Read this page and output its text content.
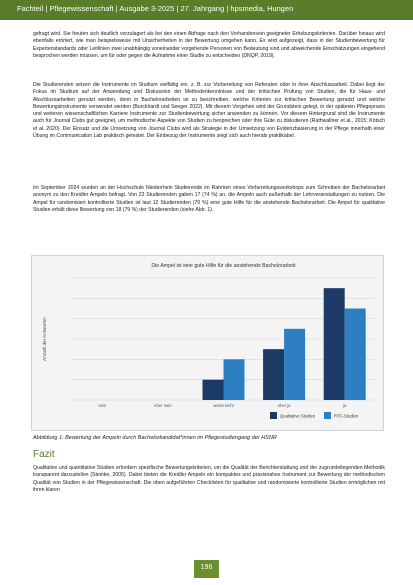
Fachteil | Pflegewissenschaft | Ausgabe 3-2025 | 27. Jahrgang | hpsmedia, Hungen

gefragt wird. Sie freuten sich deutlich vorzulagert als bei den einen Abfrage nach den Vorhandensein geeigneter Erhebungskriterien. Darüber hinaus wird ebenfalls erörtert, wie man beispielsweise mit Unsicherheiten in der Bewertung umgehen kann. Es wird aufgezeigt, dass in der Studienbewertung für Expertenstandards oder Leitlinien zwei unabhängig voneinander vorgehende Personen von Bedeutung sind und abweichende Einschätzungen eingehend besprochen werden müssen, um für oder gegen die Aufnahme einer Studie zu entscheiden (DNQP, 2019).

Die Studierenden setzen die Instrumente im Studium vielfältig ein, z. B. zur Vorbereitung von Referaten oder in ihrer Abschlussarbeit. Dabei liegt der Fokus im Studium auf der Anwendung und Diskussion der Methodenkenntnisse und der kritischen Prüfung von Studien, die für Haus- und Abschlussarbeiten genutzt werden, denn in Bachelorarbeiten ist zu beschreiben, welche Kriterien zur kritischen Bewertung genutzt und welche Bewertungsinstrumente verwendet werden (Burckhardt und Seeger 2022). Mit diesem Vorgehen wird der Grundstein gelegt, in der späteren Pflegepraxis und weiteren wissenschaftlichen Karriere Instrumente zur Studienbewertung sicher anwenden zu können. Vor diesem Hintergrund sind die Instrumente auch für Journal Clubs gut geeignet, um methodische Aspekte von Studien zu besprechen oder ihre Güte zu diskutieren (Rathwallner et al., 2015; Kötsch et al. 2020). Der Einsatz und die Umsetzung von Journal Clubs wird als Strategie in der Umsetzung von Evidenzbasierung in der Pflege innerhalb einer Übung im Communication Lab praktisch getestet. Der Einbezug der Instrumente zeigt sich auch hierals praktikabel.

Im September 2024 wurden an der Hochschule Niederrhein Studierende im Rahmen eines Vorbereitungsworkshops zum Schreiben der Bachelorarbeit anonym zu den Kreidler Ampeln befragt. Von 23 Studierenden gaben 17 (74 %) an, die Ampeln auch außerhalb der Lehrveranstaltungen zu nutzen. Die Ampel für randomisiert kontrollierte Studien ist laut 12 Studierenden (70 %) eine gute Hilfe für die anstehende Bachelorarbeit. Die Ampel für qualitative Studien erhält diese Bewertung von 18 (79 %) der Studierenden (siehe Abb. 1).

Die Ampel ist eine gute Hilfe für die anstehende Bachelorarbeit
Anzahl der Antworten
nein	eher nein	weiss nicht	eher ja	ja
Qualitative Studien	RTC-Studien
Abbildung 1: Bewertung der Ampeln durch Bachelorkandidat*innen im Pflegestudiengang der HSNR
Fazit

Qualitative und quantitative Studien erfordern spezifische Bewertungskriterien, um die Qualität der Berichterstattung und der zugrundeliegenden Methodik transparent darzustellen (Steinke, 2005). Dabei bieten die Kreidler Ampeln ein kompaktes und praxisnahes Instrument zur Bewertung der methodischen Qualität von Studien in der Pflegewissenschaft. Die oben aufgeführten Checklisten für qualitative und randomisierte kontrollierte Studien ermöglichen mit ihren klaren

196
